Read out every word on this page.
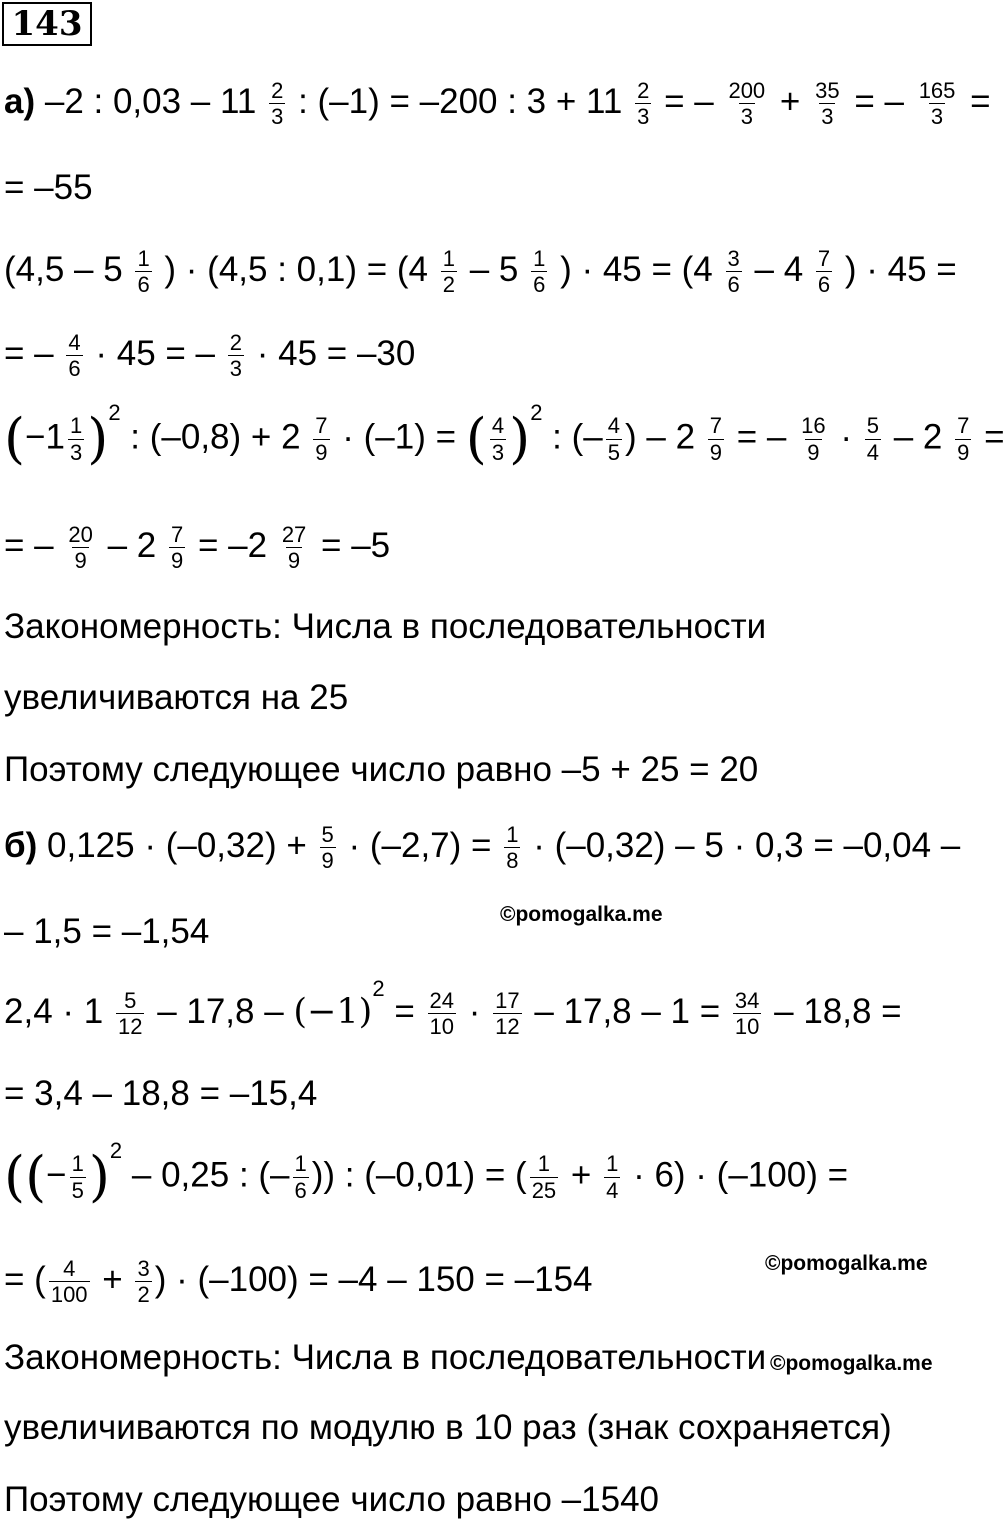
143
а) –2 : $0,03 - 11 \frac{2}{3}$ : (–1) = –200 : $3 + 11 \frac{2}{3}$ = – $\frac{200}{3} + \frac{35}{3}$ = – $\frac{165}{3}$ =
= –55
($4,5 - 5 \frac{1}{6}$ ) · (4,5 : $0,1) = (4 \frac{1}{2} - 5 \frac{1}{6}$ ) · $45 = (4 \frac{3}{6} - 4 \frac{7}{6}$ ) · 45 =
= – $\frac{4}{6} \cdot 45$ = – $\frac{2}{3} \cdot 45 = -30$
$(-1 \frac{1}{3} )^2$ : $(-0,8) + 2 \frac{7}{9} \cdot (-1)$ = ( $\frac{4}{3} )^2$ : (– $\frac{4}{5}$ ) – $2 \frac{7}{9}$ = – $\frac{16}{9} \cdot \frac{5}{4} - 2 \frac{7}{9}$ =
= – $\frac{20}{9} - 2 \frac{7}{9} = -2 \frac{27}{9} = -5$
Закономерность: Числа в последовательности
увеличиваются на 25
Поэтому следующее число равно –5 + 25 = 20
б) $0,125 \cdot (-0,32) + \frac{5}{9} \cdot (-2,7) = \frac{1}{8} \cdot (-0,32) - 5 \cdot 0,3 = -0,04$ –
– 1,5 = –1,54
$2,4 \cdot 1 \frac{5}{12} - 17,8 - (-1)^2 = \frac{24}{10} \cdot \frac{17}{12} - 17,8 - 1 = \frac{34}{10} - 18,8$ =
= 3,4 – 18,8 = –15,4
((− $\frac{1}{5} )^2 - 0,25$ : (– $\frac{1}{6}$ )) : (–0,01) = ( $\frac{1}{25} + \frac{1}{4} \cdot 6) \cdot (-100)$ =
= ( $\frac{4}{100} + \frac{3}{2}$ ) · (–100) = –4 – 150 = –154
Закономерность: Числа в последовательности
увеличиваются по модулю в 10 раз (знак сохраняется)
Поэтому следующее число равно –1540
©pomogalka.me
©pomogalka.me
©pomogalka.me
